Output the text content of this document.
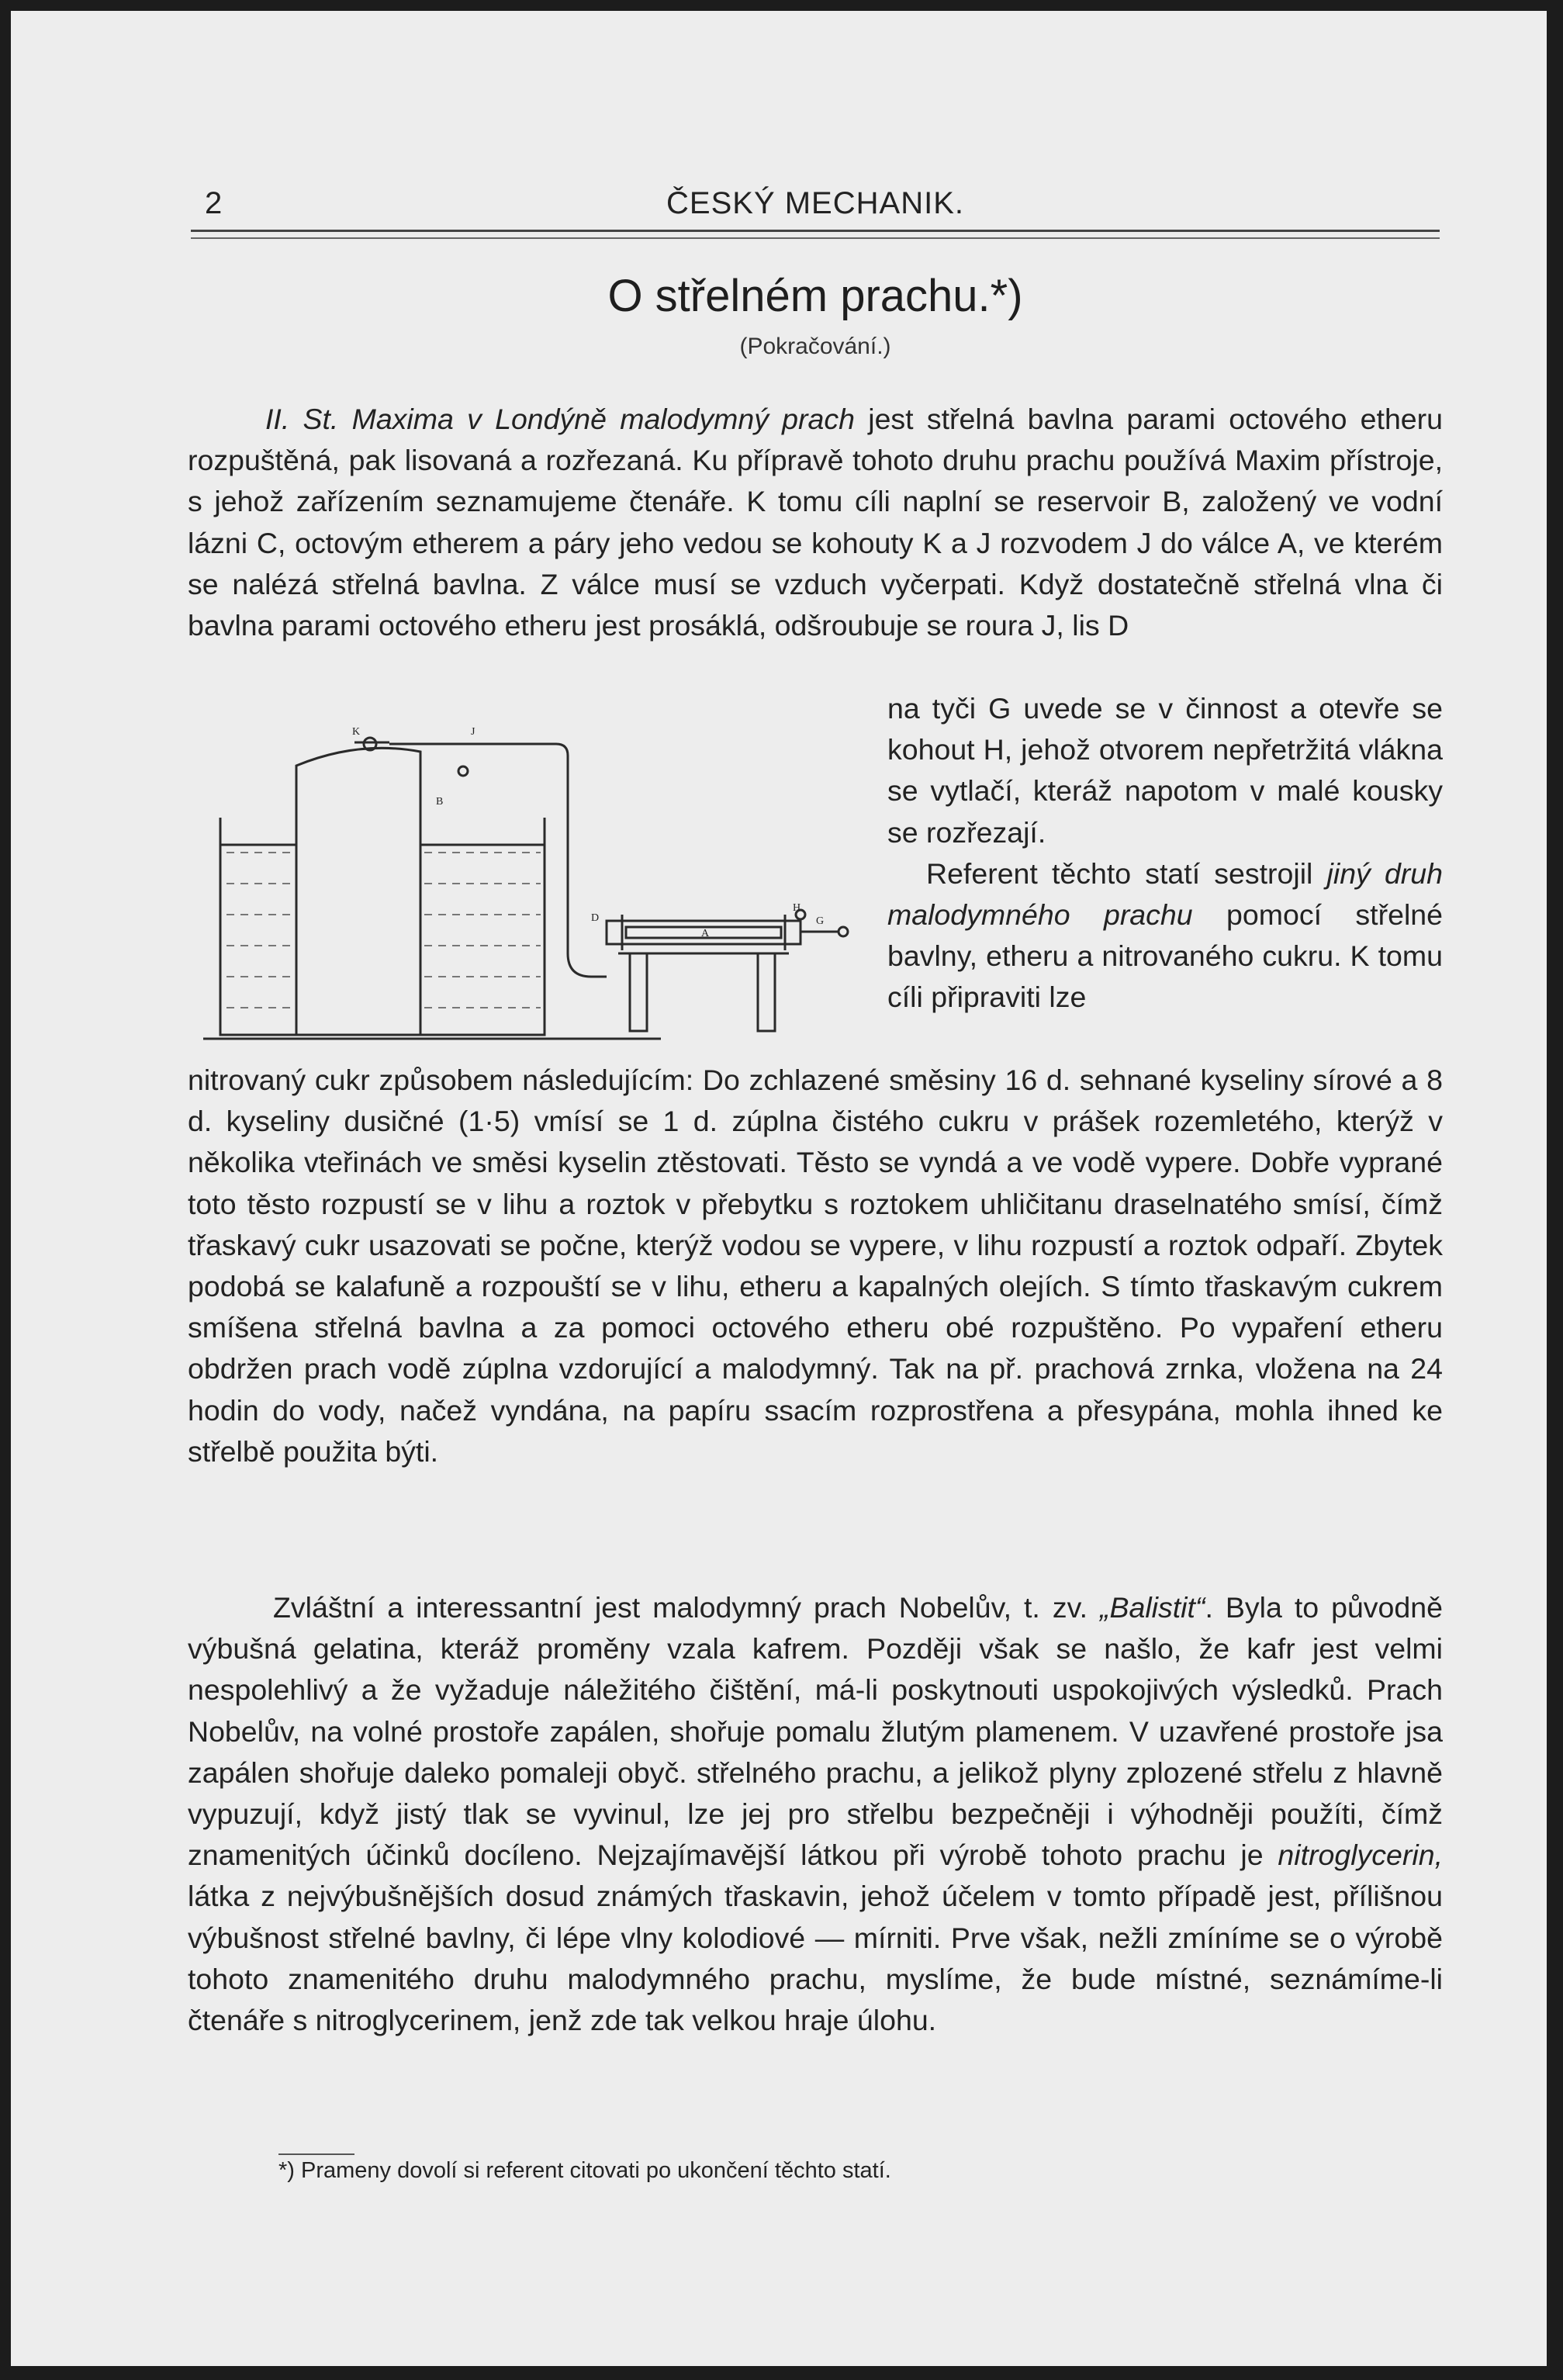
2	ČESKÝ MECHANIK.
O střelném prachu.*)
(Pokračování.)

II. St. Maxima v Londýně malodymný prach jest střelná bavlna parami octového etheru rozpuštěná, pak lisovaná a rozřezaná. Ku přípravě tohoto druhu prachu používá Maxim přístroje, s jehož zařízením seznamujeme čtenáře. K tomu cíli naplní se reservoir B, založený ve vodní lázni C, octovým etherem a páry jeho vedou se kohouty K a J rozvodem J do válce A, ve kterém se nalézá střelná bavlna. Z válce musí se vzduch vyčerpati. Když dostatečně střelná vlna či bavlna parami octového etheru jest prosáklá, odšroubuje se roura J, lis D

K	J
B
D
A
H
G

na tyči G uvede se v činnost a otevře se kohout H, jehož otvorem nepřetržitá vlákna se vytlačí, kteráž napotom v malé kousky se rozřezají.
Referent těchto statí sestrojil jiný druh malodymného prachu pomocí střelné bavlny, etheru a nitrovaného cukru. K tomu cíli připraviti lze

nitrovaný cukr způsobem následujícím: Do zchlazené směsiny 16 d. sehnané kyseliny sírové a 8 d. kyseliny dusičné (1·5) vmísí se 1 d. zúplna čistého cukru v prášek rozemletého, kterýž v několika vteřinách ve směsi kyselin ztěstovati. Těsto se vyndá a ve vodě vypere. Dobře vyprané toto těsto rozpustí se v lihu a roztok v přebytku s roztokem uhličitanu draselnatého smísí, čímž třaskavý cukr usazovati se počne, kterýž vodou se vypere, v lihu rozpustí a roztok odpaří. Zbytek podobá se kalafuně a rozpouští se v lihu, etheru a kapalných olejích. S tímto třaskavým cukrem smíšena střelná bavlna a za pomoci octového etheru obé rozpuštěno. Po vypaření etheru obdržen prach vodě zúplna vzdorující a malodymný. Tak na př. prachová zrnka, vložena na 24 hodin do vody, načež vyndána, na papíru ssacím rozprostřena a přesypána, mohla ihned ke střelbě použita býti.

Zvláštní a interessantní jest malodymný prach Nobelův, t. zv. „Balistit“. Byla to původně výbušná gelatina, kteráž proměny vzala kafrem. Později však se našlo, že kafr jest velmi nespolehlivý a že vyžaduje náležitého čištění, má-li poskytnouti uspokojivých výsledků. Prach Nobelův, na volné prostoře zapálen, shořuje pomalu žlutým plamenem. V uzavřené prostoře jsa zapálen shořuje daleko pomaleji obyč. střelného prachu, a jelikož plyny zplozené střelu z hlavně vypuzují, když jistý tlak se vyvinul, lze jej pro střelbu bezpečněji i výhodněji použíti, čímž znamenitých účinků docíleno. Nejzajímavější látkou při výrobě tohoto prachu je nitroglycerin, látka z nejvýbušnějších dosud známých třaskavin, jehož účelem v tomto případě jest, přílišnou výbušnost střelné bavlny, či lépe vlny kolodiové — mírniti. Prve však, nežli zmíníme se o výrobě tohoto znamenitého druhu malodymného prachu, myslíme, že bude místné, seznámíme-li čtenáře s nitroglycerinem, jenž zde tak velkou hraje úlohu.

*) Prameny dovolí si referent citovati po ukončení těchto statí.
